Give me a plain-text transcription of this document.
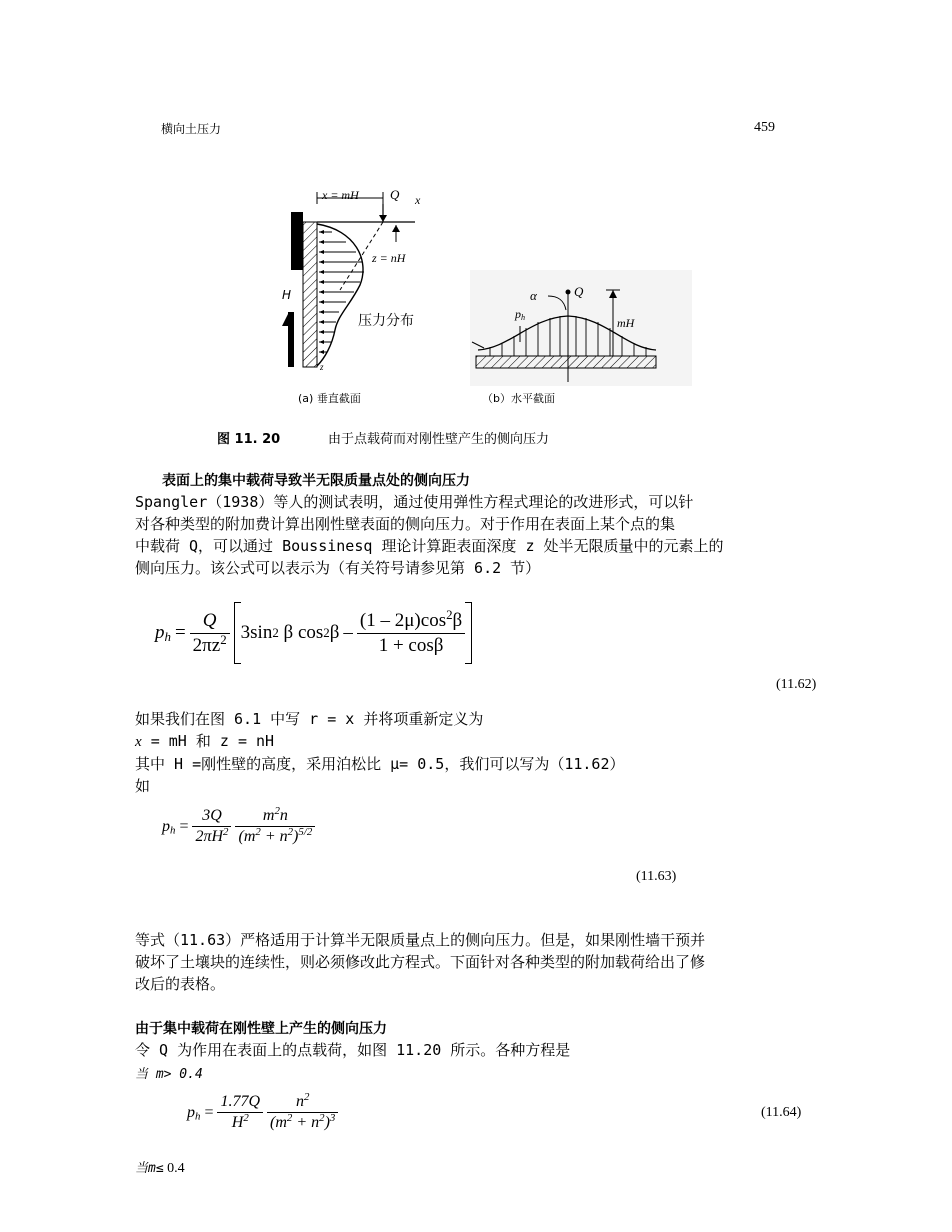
横向土压力	459
x = mH Q x
z = nH
H
压力分布
z
α	Q
$p_h$	mH
(a) 垂直截面	（b）水平截面
图 11. 20	由于点载荷而对刚性壁产生的侧向压力
表面上的集中载荷导致半无限质量点处的侧向压力
Spangler（1938）等人的测试表明，通过使用弹性方程式理论的改进形式，可以针
对各种类型的附加费计算出刚性壁表面的侧向压力。对于作用在表面上某个点的集
中载荷 Q，可以通过 Boussinesq 理论计算距表面深度 z 处半无限质量中的元素上的
侧向压力。该公式可以表示为（有关符号请参见第 6.2 节）
$p_h = \frac{Q}{2\pi z^2} 3\sin$ 2
β cos 2 β – $\frac{(1 - 2\mu)\cos^2\beta}{1 + \cos\beta}$
(11.62)
如果我们在图 6.1 中写 r = x 并将项重新定义为
x = mH 和 z = nH
其中 H =刚性壁的高度，采用泊松比 μ= 0.5，我们可以写为（11.62）
如
$p_h = \frac{3Q}{2\pi H^2} \frac{m^2n}{(m^2 + n^2)^{5/2}}$
(11.63)
等式（11.63）严格适用于计算半无限质量点上的侧向压力。但是，如果刚性墙干预并
破坏了土壤块的连续性，则必须修改此方程式。下面针对各种类型的附加载荷给出了修
改后的表格。
由于集中载荷在刚性壁上产生的侧向压力
令 Q 为作用在表面上的点载荷，如图 11.20 所示。各种方程是
当 m> 0.4
$p_h = \frac{1.77Q}{H^2} \frac{n^2}{(m^2 + n^2)^3}$	(11.64)
当m≤ 0.4
